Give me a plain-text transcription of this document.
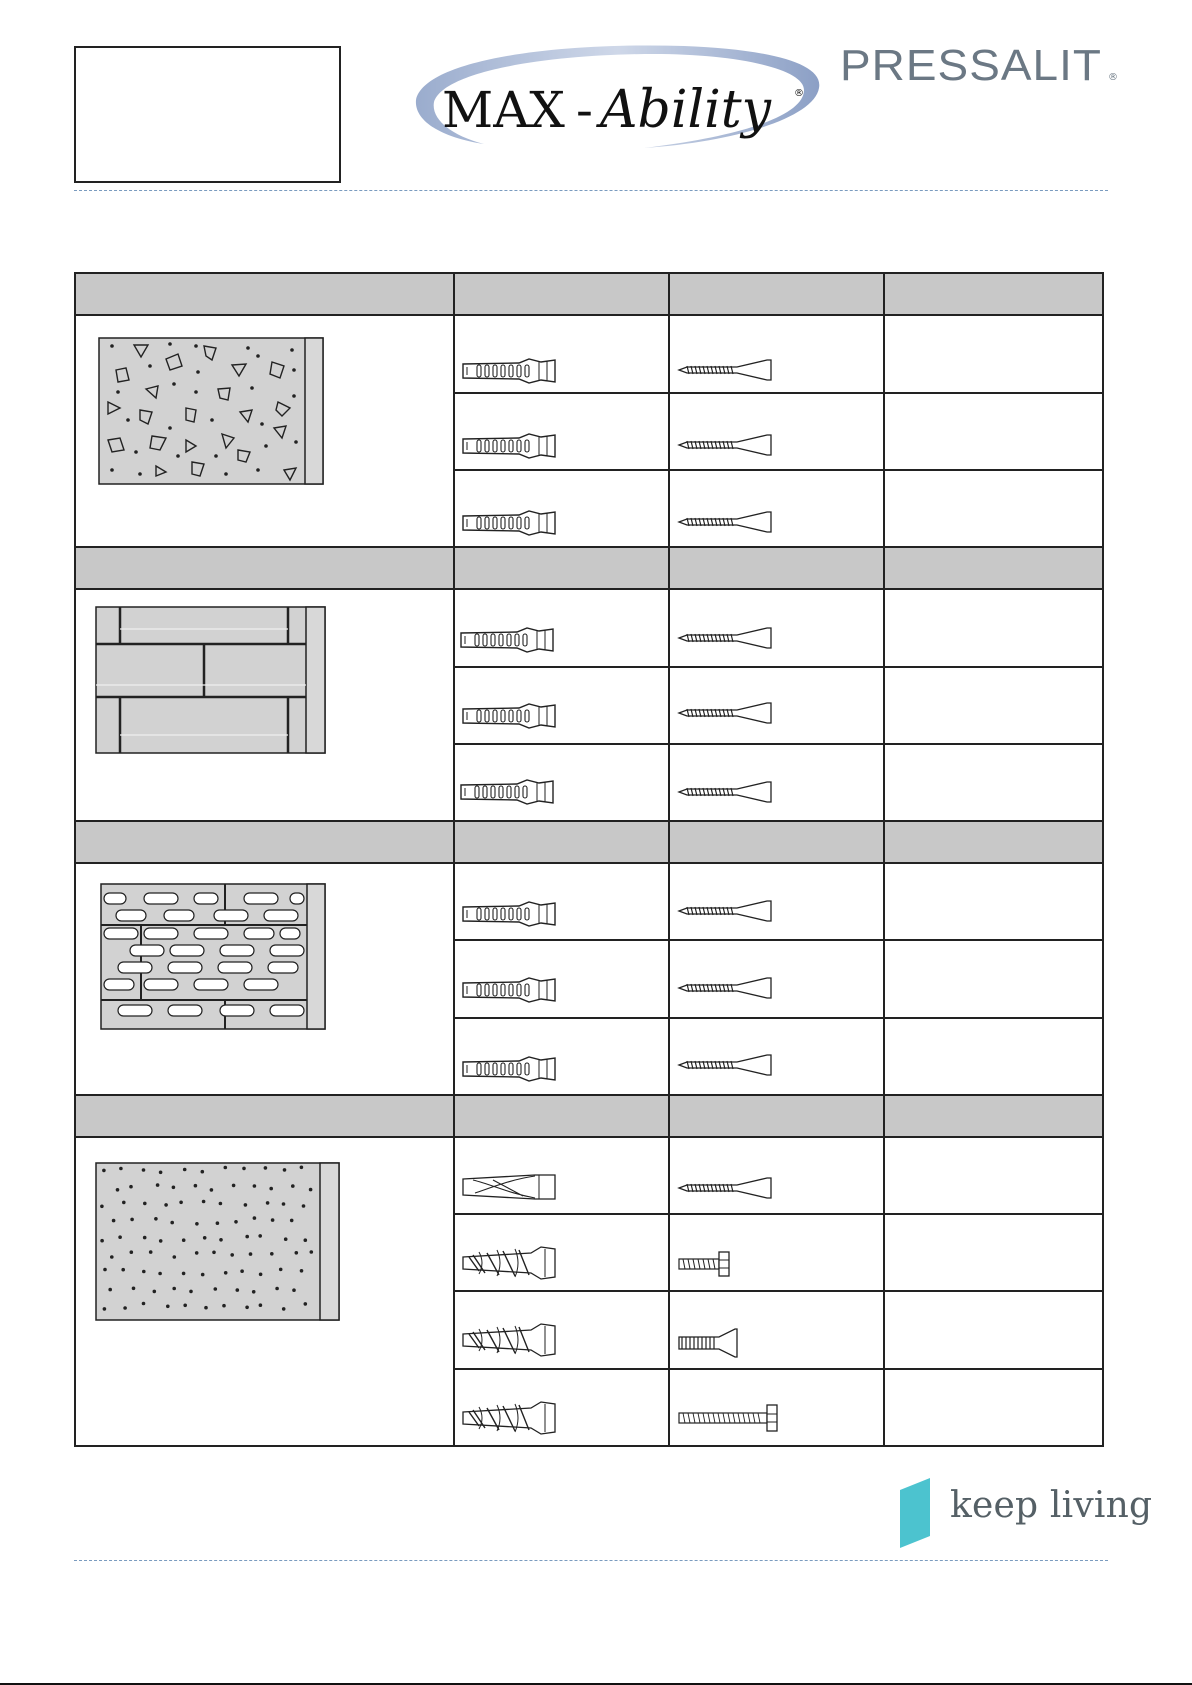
MAX - Ability ®
PRESSALIT ®
keep living
